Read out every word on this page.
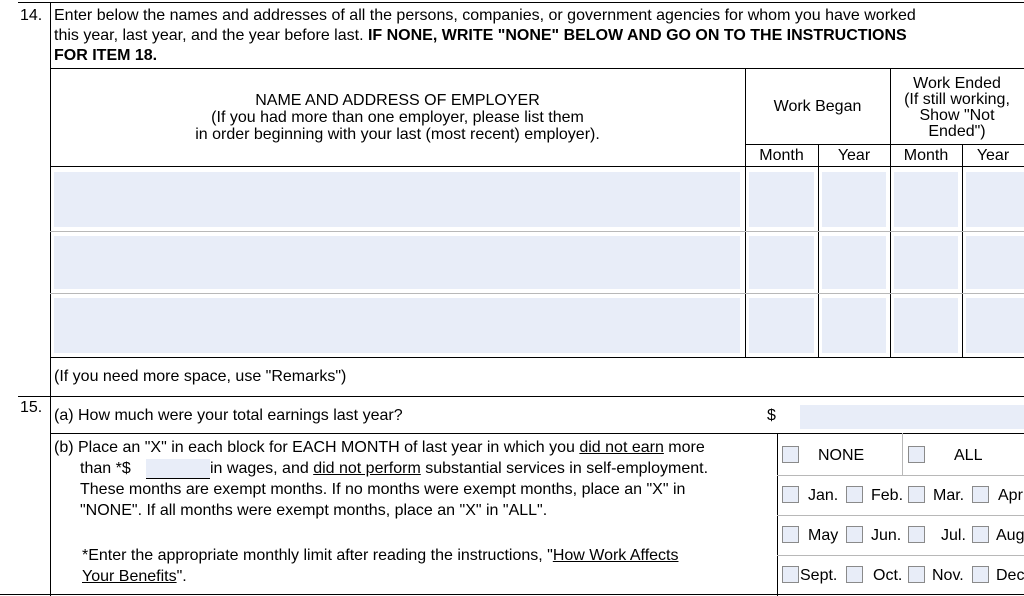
14. Enter below the names and addresses of all the persons, companies, or government agencies for whom you have worked
this year, last year, and the year before last. IF NONE, WRITE "NONE" BELOW AND GO ON TO THE INSTRUCTIONS
FOR ITEM 18.
NAME AND ADDRESS OF EMPLOYER
(If you had more than one employer, please list them
in order beginning with your last (most recent) employer).
Work Began
Work Ended
(If still working,
Show "Not
Ended")
Month	Year	Month	Year
(If you need more space, use "Remarks")
15. (a) How much were your total earnings last year?	$
(b) Place an "X" in each block for EACH MONTH of last year in which you did not earn more
than *$	in wages, and did not perform substantial services in self-employment.
These months are exempt months. If no months were exempt months, place an "X" in
"NONE". If all months were exempt months, place an "X" in "ALL".
*Enter the appropriate monthly limit after reading the instructions, "How Work Affects
Your Benefits".
NONE	ALL
Jan. Feb. Mar. Apr
May Jun. Jul. Aug
Sept. Oct. Nov. Dec
